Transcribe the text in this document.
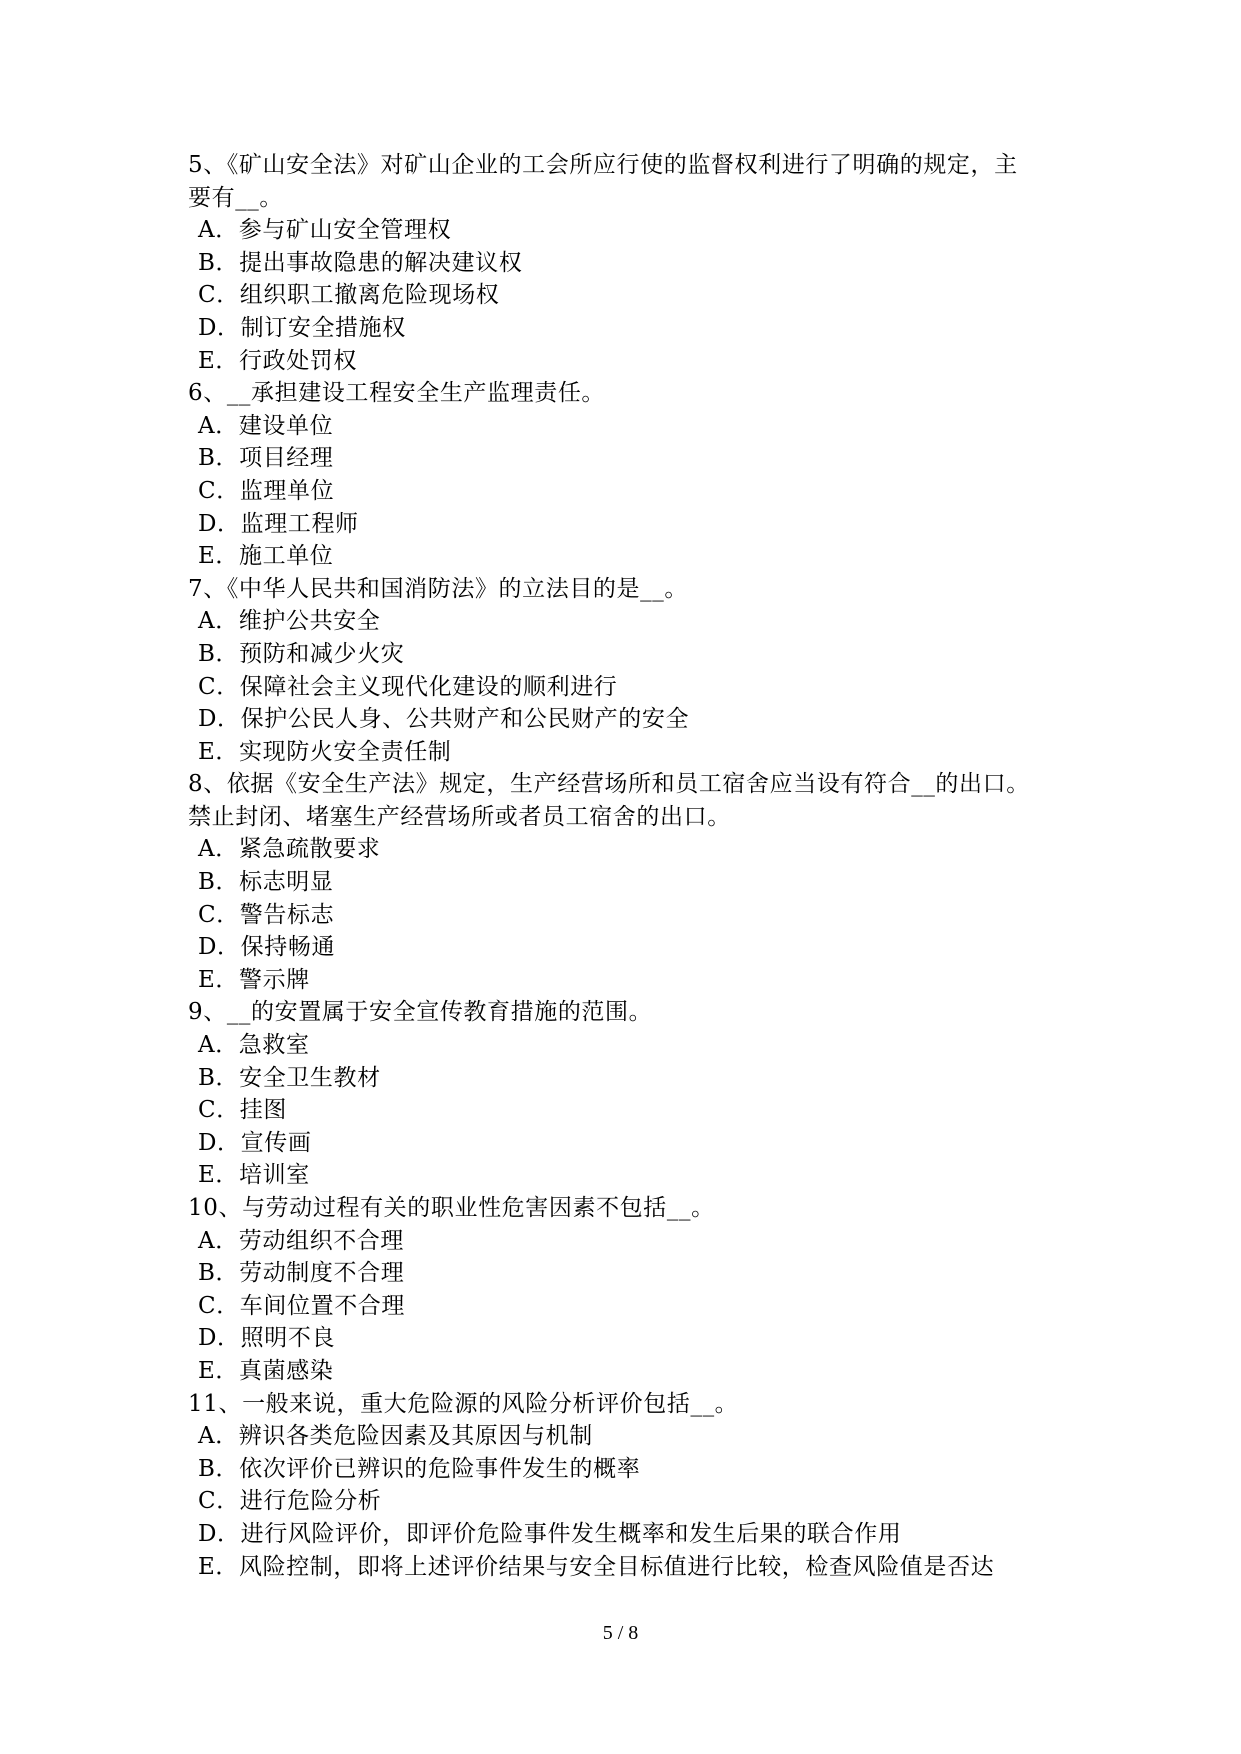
5、《矿山安全法》对矿山企业的工会所应行使的监督权利进行了明确的规定，主
要有__。
A．参与矿山安全管理权
B．提出事故隐患的解决建议权
C．组织职工撤离危险现场权
D．制订安全措施权
E．行政处罚权
6、__承担建设工程安全生产监理责任。
A．建设单位
B．项目经理
C．监理单位
D．监理工程师
E．施工单位
7、《中华人民共和国消防法》的立法目的是__。
A．维护公共安全
B．预防和减少火灾
C．保障社会主义现代化建设的顺利进行
D．保护公民人身、公共财产和公民财产的安全
E．实现防火安全责任制
8、依据《安全生产法》规定，生产经营场所和员工宿舍应当设有符合__的出口。
禁止封闭、堵塞生产经营场所或者员工宿舍的出口。
A．紧急疏散要求
B．标志明显
C．警告标志
D．保持畅通
E．警示牌
9、__的安置属于安全宣传教育措施的范围。
A．急救室
B．安全卫生教材
C．挂图
D．宣传画
E．培训室
10、与劳动过程有关的职业性危害因素不包括__。
A．劳动组织不合理
B．劳动制度不合理
C．车间位置不合理
D．照明不良
E．真菌感染
11、一般来说，重大危险源的风险分析评价包括__。
A．辨识各类危险因素及其原因与机制
B．依次评价已辨识的危险事件发生的概率
C．进行危险分析
D．进行风险评价，即评价危险事件发生概率和发生后果的联合作用
E．风险控制，即将上述评价结果与安全目标值进行比较，检查风险值是否达
5 / 8
